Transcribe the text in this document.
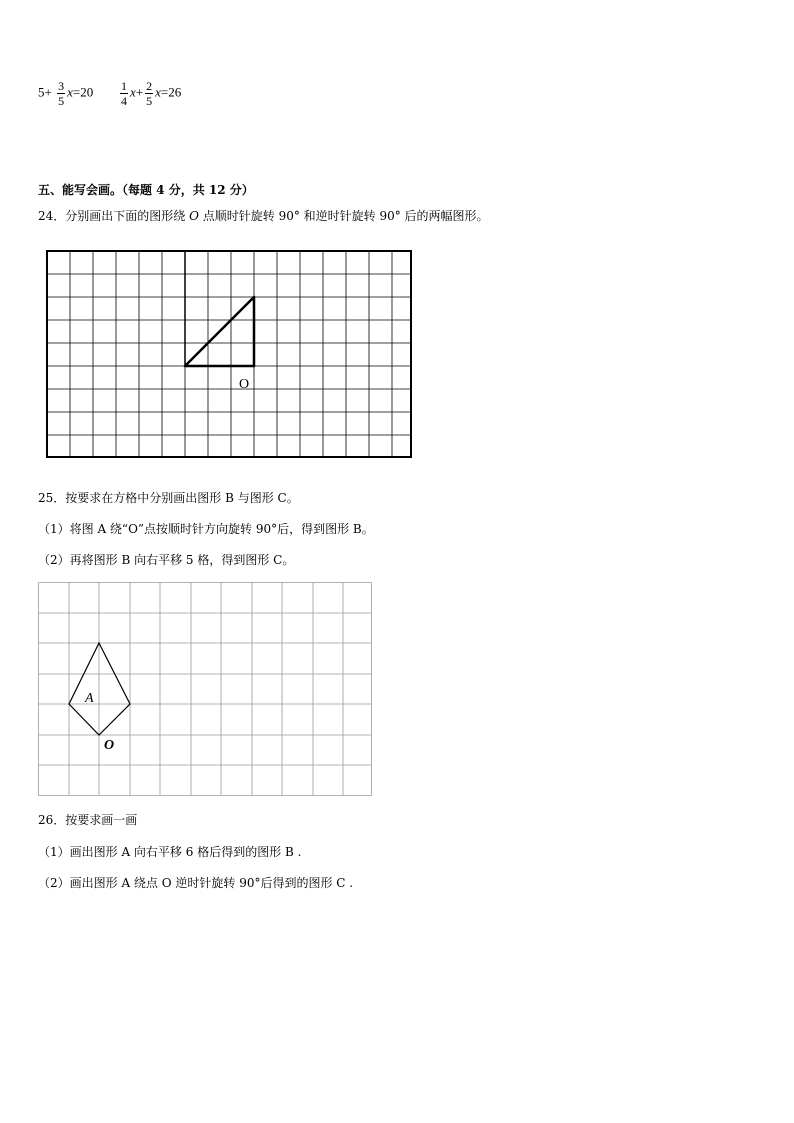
$5+ \frac{3}{5} x=20 \frac{1}{4} x+ \frac{2}{5} x=26$
五、能写会画。（每题 4 分，共 12 分）
24．分别画出下面的图形绕 O 点顺时针旋转 90° 和逆时针旋转 90° 后的两幅图形。
O
25．按要求在方格中分别画出图形 B 与图形 C。
（1）将图 A 绕“O”点按顺时针方向旋转 90°后，得到图形 B。
（2）再将图形 B 向右平移 5 格，得到图形 C。
A
O
26．按要求画一画
（1）画出图形 A 向右平移 6 格后得到的图形 B .
（2）画出图形 A 绕点 O 逆时针旋转 90°后得到的图形 C .
